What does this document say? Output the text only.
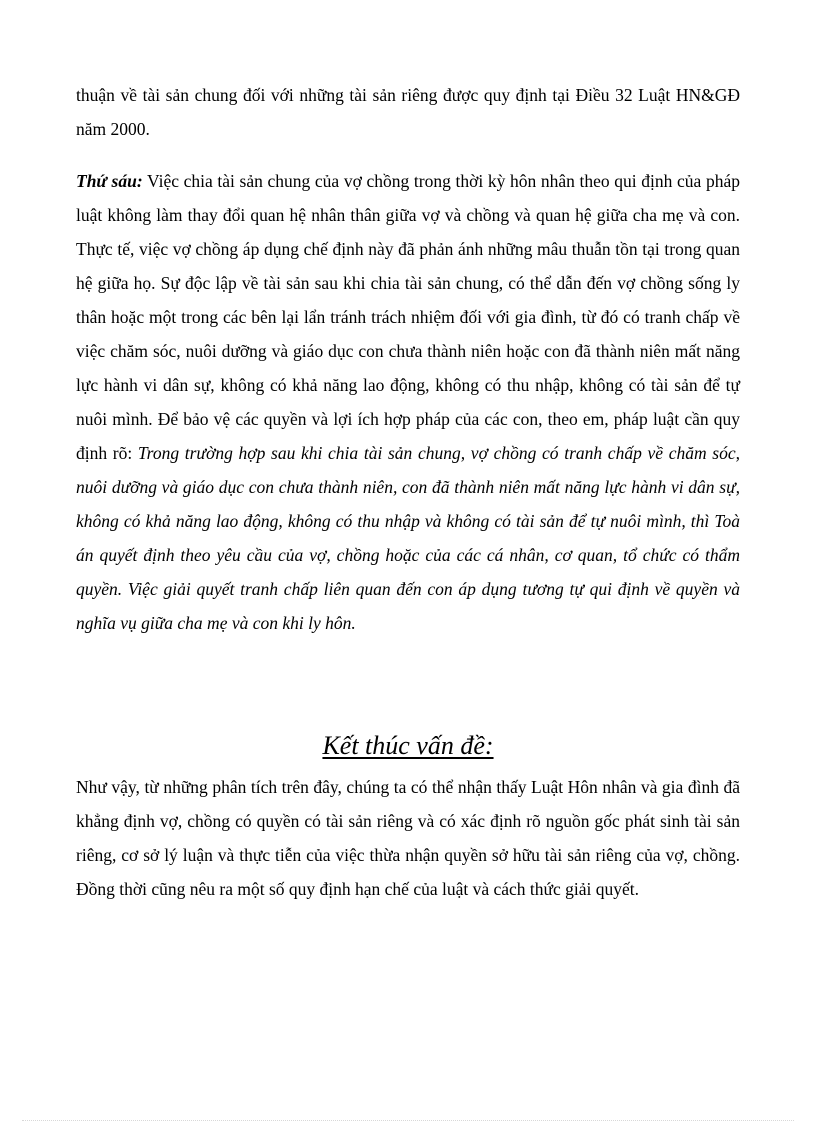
thuận về tài sản chung đối với những tài sản riêng được quy định tại Điều 32 Luật HN&GĐ năm 2000.

Thứ sáu: Việc chia tài sản chung của vợ chồng trong thời kỳ hôn nhân theo qui định của pháp luật không làm thay đổi quan hệ nhân thân giữa vợ và chồng và quan hệ giữa cha mẹ và con. Thực tế, việc vợ chồng áp dụng chế định này đã phản ánh những mâu thuẫn tồn tại trong quan hệ giữa họ. Sự độc lập về tài sản sau khi chia tài sản chung, có thể dẫn đến vợ chồng sống ly thân hoặc một trong các bên lại lẩn tránh trách nhiệm đối với gia đình, từ đó có tranh chấp về việc chăm sóc, nuôi dưỡng và giáo dục con chưa thành niên hoặc con đã thành niên mất năng lực hành vi dân sự, không có khả năng lao động, không có thu nhập, không có tài sản để tự nuôi mình. Để bảo vệ các quyền và lợi ích hợp pháp của các con, theo em, pháp luật cần quy định rõ: Trong trường hợp sau khi chia tài sản chung, vợ chồng có tranh chấp về chăm sóc, nuôi dưỡng và giáo dục con chưa thành niên, con đã thành niên mất năng lực hành vi dân sự, không có khả năng lao động, không có thu nhập và không có tài sản để tự nuôi mình, thì Toà án quyết định theo yêu cầu của vợ, chồng hoặc của các cá nhân, cơ quan, tổ chức có thẩm quyền. Việc giải quyết tranh chấp liên quan đến con áp dụng tương tự qui định về quyền và nghĩa vụ giữa cha mẹ và con khi ly hôn.

Kết thúc vấn đề:

Như vậy, từ những phân tích trên đây, chúng ta có thể nhận thấy Luật Hôn nhân và gia đình đã khẳng định vợ, chồng có quyền có tài sản riêng và có xác định rõ nguồn gốc phát sinh tài sản riêng, cơ sở lý luận và thực tiễn của việc thừa nhận quyền sở hữu tài sản riêng của vợ, chồng. Đồng thời cũng nêu ra một số quy định hạn chế của luật và cách thức giải quyết.
